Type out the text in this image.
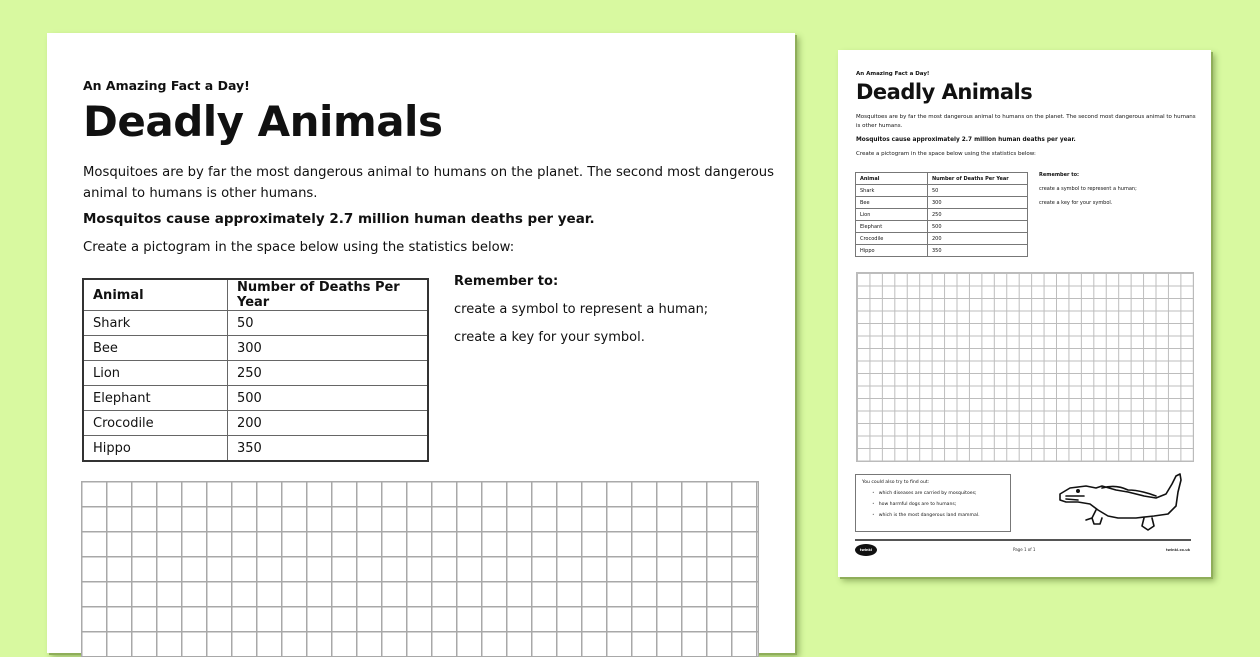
An Amazing Fact a Day!
Deadly Animals
Mosquitoes are by far the most dangerous animal to humans on the planet. The second most dangerous animal to humans is other humans.
Mosquitos cause approximately 2.7 million human deaths per year.
Create a pictogram in the space below using the statistics below:
Animal	Number of Deaths Per Year
Shark	50
Bee	300
Lion	250
Elephant	500
Crocodile	200
Hippo	350
Remember to:
create a symbol to represent a human;
create a key for your symbol.
An Amazing Fact a Day!
Deadly Animals
Mosquitoes are by far the most dangerous animal to humans on the planet. The second most dangerous animal to humans is other humans.
Mosquitos cause approximately 2.7 million human deaths per year.
Create a pictogram in the space below using the statistics below:
Animal	Number of Deaths Per Year
Shark	50
Bee	300
Lion	250
Elephant	500
Crocodile	200
Hippo	350
Remember to:
create a symbol to represent a human;
create a key for your symbol.
You could also try to find out:
• which diseases are carried by mosquitoes;
• how harmful dogs are to humans;
• which is the most dangerous land mammal.
twinkl	Page 1 of 1	twinkl.co.uk
